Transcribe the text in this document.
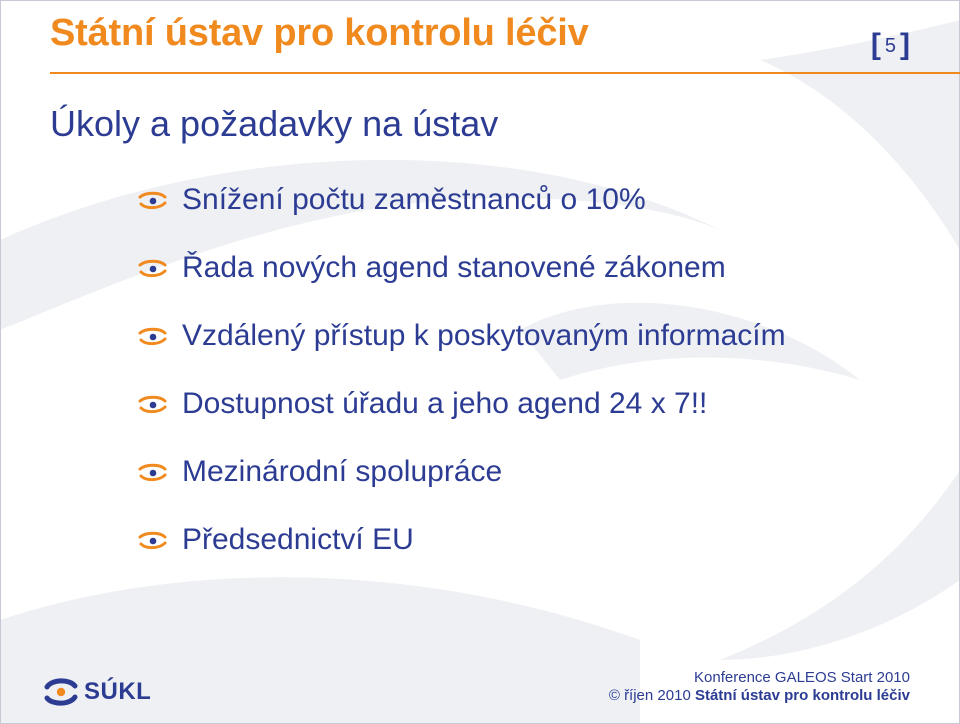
Státní ústav pro kontrolu léčiv	[ 5 ]
Úkoly a požadavky na ústav
Snížení počtu zaměstnanců o 10%
Řada nových agend stanovené zákonem
Vzdálený přístup k poskytovaným informacím
Dostupnost úřadu a jeho agend 24 x 7!!
Mezinárodní spolupráce
Předsednictví EU
SÚKL
Konference GALEOS Start 2010
© říjen 2010 Státní ústav pro kontrolu léčiv
